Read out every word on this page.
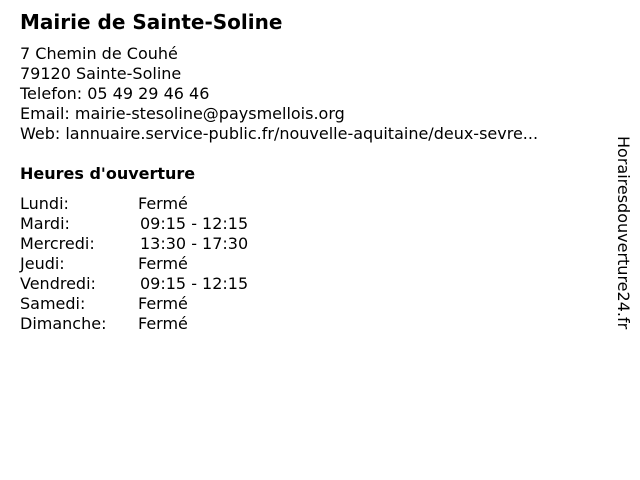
Mairie de Sainte-Soline
7 Chemin de Couhé
79120 Sainte-Soline
Telefon: 05 49 29 46 46
Email: mairie-stesoline@paysmellois.org
Web: lannuaire.service-public.fr/nouvelle-aquitaine/deux-sevre...
Heures d'ouverture
Lundi:	Fermé
Mardi:	09:15 - 12:15
Mercredi:	13:30 - 17:30
Jeudi:	Fermé
Vendredi:	09:15 - 12:15
Samedi:	Fermé
Dimanche: Fermé	Horairesdouverture24.fr
